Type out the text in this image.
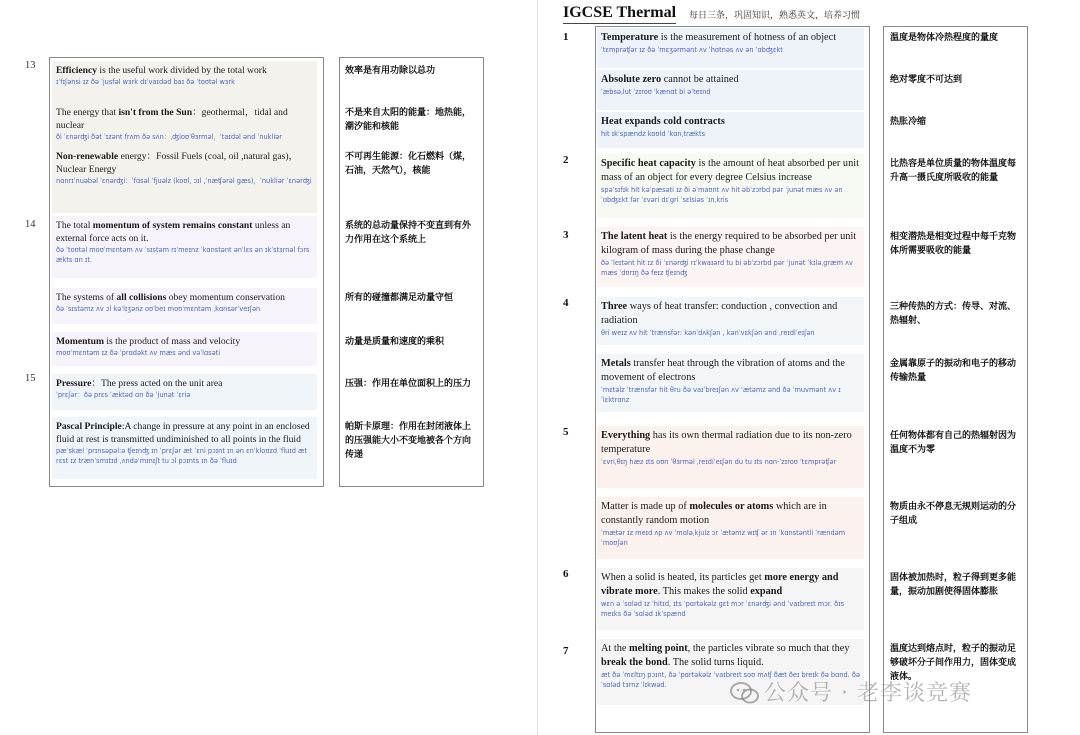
13
14
15
Efficiency is the useful work divided by the total work
ɪˈfɪʃənsi ɪz ðə ˈjusfəl wɜrk dɪˈvaɪdəd baɪ ðə ˈtoʊtəl wɜrk
The energy that isn't from the Sun：geothermal，tidal and nuclear
ði ˈɛnərʤi ðət ˈɪzənt frʌm ðə sʌn：ˌʤioʊˈθɜrməl，ˈtaɪdəl ənd ˈnukliər
Non-renewable energy：Fossil Fuels (coal, oil ,natural gas)，Nuclear Energy
nɑnrɪˈnuəbəl ˈɛnərʤi：ˈfɑsəl ˈfjuəlz (koʊl, ɔɪl ,ˈnæʧərəl gæs)，ˈnukliər ˈɛnərʤi
The total momentum of system remains constant unless an external force acts on it.
ðə ˈtoʊtəl moʊˈmɛntəm ʌv ˈsɪstəm rɪˈmeɪnz ˈkɑnstənt ənˈlɛs ən ɪkˈstɜrnəl fɔrs ækts ɑn ɪt.
The systems of all collisions obey momentum conservation
ðə ˈsɪstəmz ʌv ɔl kəˈlɪʒənz oʊˈbeɪ moʊˈmɛntəm ˌkɑnsərˈveɪʃən
Momentum is the product of mass and velocity
moʊˈmɛntəm ɪz ðə ˈprɑdəkt ʌv mæs ənd vəˈlɑsəti
Pressure：The press acted on the unit area
ˈprɛʃər：ðə prɛs ˈæktəd ɑn ðə ˈjunət ˈɛriə
Pascal Principle:A change in pressure at any point in an enclosed fluid at rest is transmitted undiminished to all points in the fluid
pæˈskæl ˈprɪnsəpəl:ə ʧeɪnʤ ɪn ˈprɛʃər æt ˈɛni pɔɪnt ɪn ən ɛnˈkloʊzd ˈfluɪd æt rɛst ɪz trænˈsmɪtɪd ˌʌndəˈmɪnɪʃt tu ɔl pɔɪnts ɪn ðə ˈfluɪd
效率是有用功除以总功
不是来自太阳的能量：地热能，潮汐能和核能
不可再生能源：化石燃料（煤，石油，天然气），核能
系统的总动量保持不变直到有外力作用在这个系统上
所有的碰撞都满足动量守恒
动量是质量和速度的乘积
压强：作用在单位面积上的压力
帕斯卡原理：作用在封闭液体上的压强能大小不变地被各个方向传递
IGCSE Thermal 每日三条，巩固知识，熟悉英文，培养习惯
1
2
3
4
5
6
7
Temperature is the measurement of hotness of an object
ˈtɛmprəʧər ɪz ðə ˈmɛʒərmənt ʌv ˈhɑtnəs ʌv ən ˈɑbʤɛkt
Absolute zero cannot be attained
ˈæbsəˌlut ˈzɪroʊ ˈkænɑt bi əˈteɪnd
Heat expands cold contracts
hit ɪkˈspændz koʊld ˈkɑnˌtrækts
Specific heat capacity is the amount of heat absorbed per unit mass of an object for every degree Celsius increase
spəˈsɪfɪk hit kəˈpæsəti ɪz ði əˈmaʊnt ʌv hit əbˈzɔrbd pər ˈjunət mæs ʌv ən ˈɑbʤɛkt fər ˈɛvəri dɪˈgri ˈsɛlsiəs ˈɪnˌkris
The latent heat is the energy required to be absorbed per unit kilogram of mass during the phase change
ðə ˈleɪtənt hit ɪz ði ˈɛnərʤi rɪˈkwaɪərd tu bi əbˈzɔrbd pər ˈjunət ˈkɪləˌgræm ʌv mæs ˈdʊrɪŋ ðə feɪz ʧeɪnʤ
Three ways of heat transfer: conduction , convection and radiation
θri weɪz ʌv hit ˈtrænsfər: kənˈdʌkʃən , kənˈvɛkʃən ənd ˌreɪdiˈeɪʃən
Metals transfer heat through the vibration of atoms and the movement of electrons
ˈmɛtəlz ˈtrænsfər hit θru ðə vaɪˈbreɪʃən ʌv ˈætəmz ənd ðə ˈmuvmənt ʌv ɪˈlɛktrɑnz
Everything has its own thermal radiation due to its non-zero temperature
ˈɛvriˌθɪŋ hæz ɪts oʊn ˈθɜrməl ˌreɪdiˈeɪʃən du tu ɪts nɑn-ˈzɪroʊ ˈtɛmprəʧər
Matter is made up of molecules or atoms which are in constantly random motion
ˈmætər ɪz meɪd ʌp ʌv ˈmɑləˌkjulz ɔr ˈætəmz wɪʧ ər ɪn ˈkɑnstəntli ˈrændəm ˈmoʊʃən
When a solid is heated, its particles get more energy and vibrate more. This makes the solid expand
wɛn ə ˈsɑləd ɪz ˈhitɪd, ɪts ˈpɑrtəkəlz gɛt mɔr ˈɛnərʤi ənd ˈvaɪbreɪt mɔr. ðɪs meɪks ðə ˈsɑləd ɪkˈspænd
At the melting point, the particles vibrate so much that they break the bond. The solid turns liquid.
æt ðə ˈmɛltɪŋ pɔɪnt, ðə ˈpɑrtəkəlz ˈvaɪbreɪt soʊ mʌʧ ðæt ðeɪ breɪk ðə bɑnd. ðə ˈsɑləd tɜrnz ˈlɪkwəd.
温度是物体冷热程度的量度
绝对零度不可达到
热胀冷缩
比热容是单位质量的物体温度每升高一摄氏度所吸收的能量
相变潜热是相变过程中每千克物体所需要吸收的能量
三种传热的方式：传导、对流、热辐射、
金属靠原子的振动和电子的移动传输热量
任何物体都有自己的热辐射因为温度不为零
物质由永不停息无规则运动的分子组成
固体被加热时，粒子得到更多能量，振动加剧使得固体膨胀
温度达到熔点时，粒子的振动足够破坏分子间作用力，固体变成液体。
公众号 · 老李谈竞赛
